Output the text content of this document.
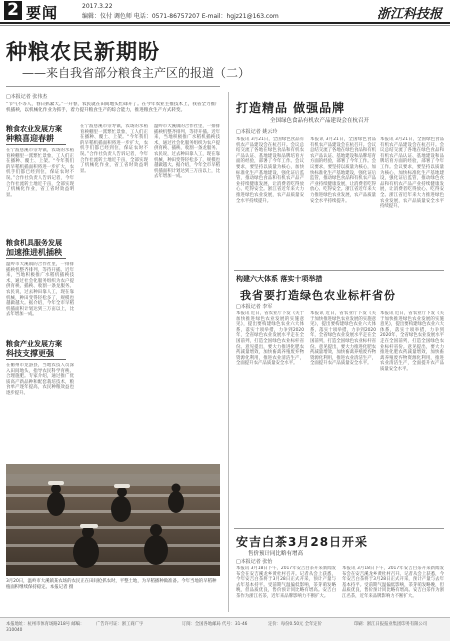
2 要闻	2017.3.22
编辑：仪付 调色师 电话：0571-86757207 E-mail：hgjz21@163.com	浙江科技报
种粮农民新期盼
——来自我省部分粮食主产区的报道（二）
□本报记者 张伟杰
“节气不等人，春日抓紧天。”一开春，农民就在田间地头忙碌开了。在今年农业主推技术上，我省全力推广机插秧，以机械化作业为抓手，着力提升粮食生产的综合能力，推进粮食生产方式转变。
粮食农业发展方案
种粮喜迎春耕
在宁波慈溪市崇寿镇，农场的水稻育秧棚里一派繁忙景象，工人们正在播种、覆土、上架。“今年我们的早稻机插面积将进一步扩大，农机手们都已经到位，保证农时不误。”合作社负责人告诉记者，今年合作社流转土地近千亩，全部实现了机械化作业，省工省时效益明显。
粮食机具服务发展
加速推进机插秧
温岭市大溪镇的合作社里，一排排插秧机整齐排列，等待开插。近年来，当地积极推广水稻机插秧技术，通过社会化服务组织为农户提供育秧、插秧、收割一条龙服务。农民说，过去种田靠人工，现在靠机械，种田变得轻松多了，规模也越做越大。据介绍，今年全市早稻机插面积计划达到三万亩以上，比去年增加一成。
粮食产业发展方案
科技支撑更强
在衢州市龙游县，当地农技人员深入田间地头，指导农民科学育秧、合理施肥。专家介绍，通过推广优质高产新品种和配套栽培技术，粮食单产逐年提高，农民种粮效益也逐步提升。
在宁波慈溪市崇寿镇，农场的水稻育秧棚里一派繁忙景象，工人们正在播种、覆土、上架。“今年我们的早稻机插面积将进一步扩大，农机手们都已经到位，保证农时不误。”合作社负责人告诉记者，今年合作社流转土地近千亩，全部实现了机械化作业，省工省时效益明显。
温岭市大溪镇的合作社里，一排排插秧机整齐排列，等待开插。近年来，当地积极推广水稻机插秧技术，通过社会化服务组织为农户提供育秧、插秧、收割一条龙服务。农民说，过去种田靠人工，现在靠机械，种田变得轻松多了，规模也越做越大。据介绍，今年全市早稻机插面积计划达到三万亩以上，比去年增加一成。
3月20日，温岭市大溪镇某农场的农民正在田间抢抓农时，平整土地，为早稻播种做准备。今年当地的早稻种植面积继续保持稳定。本报记者 摄
打造精品 做强品牌
全国绿色食品有机农产品建设会在杭召开
□本报记者 姚云玲
本报讯 3月21日，全国绿色食品有机农产品建设会在杭召开。会议总结交流了各地在绿色食品和有机农产品认证、基地建设和品牌培育方面的经验，部署了今年工作。会议要求，要坚持以质量为核心，加快标准化生产基地建设，强化证后监管，推动绿色食品和有机农产品产业持续健康发展，让消费者吃得放心、吃得安全。浙江省近年来大力推进绿色农业发展，农产品质量安全水平持续提升。
本报讯 3月21日，全国绿色食品有机农产品建设会在杭召开。会议总结交流了各地在绿色食品和有机农产品认证、基地建设和品牌培育方面的经验，部署了今年工作。会议要求，要坚持以质量为核心，加快标准化生产基地建设，强化证后监管，推动绿色食品和有机农产品产业持续健康发展，让消费者吃得放心、吃得安全。浙江省近年来大力推进绿色农业发展，农产品质量安全水平持续提升。
本报讯 3月21日，全国绿色食品有机农产品建设会在杭召开。会议总结交流了各地在绿色食品和有机农产品认证、基地建设和品牌培育方面的经验，部署了今年工作。会议要求，要坚持以质量为核心，加快标准化生产基地建设，强化证后监管，推动绿色食品和有机农产品产业持续健康发展，让消费者吃得放心、吃得安全。浙江省近年来大力推进绿色农业发展，农产品质量安全水平持续提升。
构建六大体系 落实十项举措
我省要打造绿色农业标杆省份
□本报记者 李军
本报讯 近日，省农业厅下发《关于加快推进绿色农业发展的实施意见》，提出要构建绿色农业六大体系，落实十项举措，力争到2020年，全省绿色农业发展水平走在全国前列，打造全国绿色农业标杆省份。意见提出，要大力推进化肥农药减量增效，加快畜禽养殖废弃物资源化利用，推进农业清洁生产，全面提升农产品质量安全水平。
本报讯 近日，省农业厅下发《关于加快推进绿色农业发展的实施意见》，提出要构建绿色农业六大体系，落实十项举措，力争到2020年，全省绿色农业发展水平走在全国前列，打造全国绿色农业标杆省份。意见提出，要大力推进化肥农药减量增效，加快畜禽养殖废弃物资源化利用，推进农业清洁生产，全面提升农产品质量安全水平。
本报讯 近日，省农业厅下发《关于加快推进绿色农业发展的实施意见》，提出要构建绿色农业六大体系，落实十项举措，力争到2020年，全省绿色农业发展水平走在全国前列，打造全国绿色农业标杆省份。意见提出，要大力推进化肥农药减量增效，加快畜禽养殖废弃物资源化利用，推进农业清洁生产，全面提升农产品质量安全水平。
安吉白茶3月28日开采
售价预计同比略有增高
□本报记者 张怡
本报讯 3月18日下午，2017年安吉白茶开采新闻发布会在安吉溪龙乡黄杜村召开。记者从会上获悉，今年安吉白茶将于3月28日正式开采，预计产量与去年基本持平。受前期气温偏低影响，茶芽萌发略晚，但品质优良，售价预计同比略有增高。安吉白茶作为浙江名茶，近年来品牌影响力不断扩大。
本报讯 3月18日下午，2017年安吉白茶开采新闻发布会在安吉溪龙乡黄杜村召开。记者从会上获悉，今年安吉白茶将于3月28日正式开采，预计产量与去年基本持平。受前期气温偏低影响，茶芽萌发略晚，但品质优良，售价预计同比略有增高。安吉白茶作为浙江名茶，近年来品牌影响力不断扩大。
本报地址：杭州市体育场路218号 邮编：310040
广告许可证：浙工商广字	订阅：全国各地邮局 代号：31-46	定价：每份0.50元 全年定价	印刷：浙江日报报业集团印务有限公司
